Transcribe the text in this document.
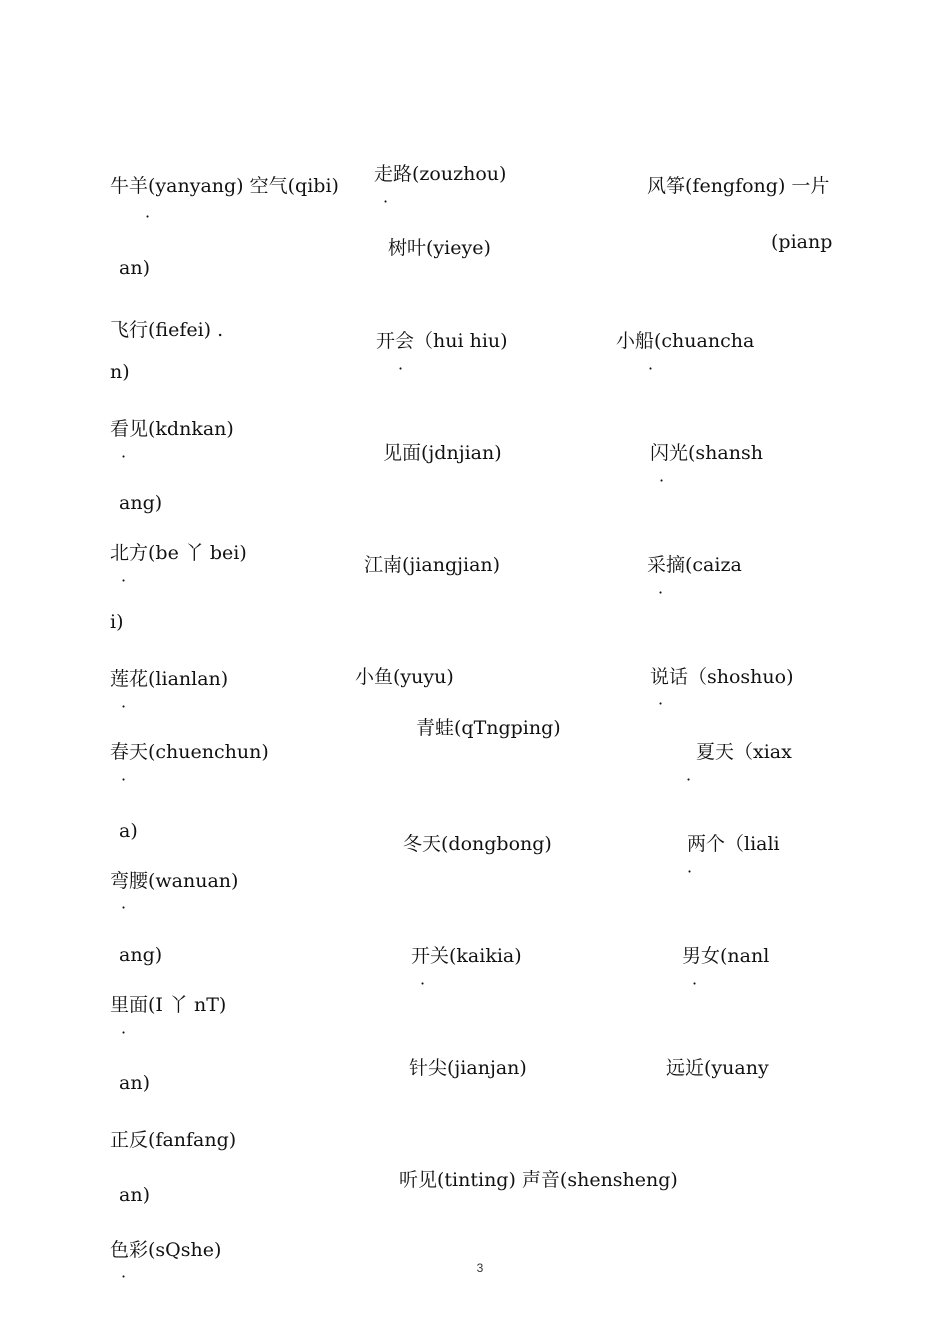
牛羊(yanyang) 空气(qibi)
·
an)
飞行(fiefei) .
n)
看见(kdnkan)
·
ang)
北方(be 丫 bei)
·
i)
莲花(lianlan)
·
春天(chuenchun)
·
a)
弯腰(wanuan)
·
ang)
里面(I 丫 nT)
·
an)
正反(fanfang)
an)
色彩(sQshe)
·
走路(zouzhou)
·
树叶(yieye)
开会（hui hiu)
·
见面(jdnjian)
江南(jiangjian)
小鱼(yuyu)
青蛙(qTngping)
冬天(dongbong)
开关(kaikia)
·
针尖(jianjan)
听见(tinting) 声音(shensheng)
风筝(fengfong) 一片
(pianp
小船(chuancha
·
闪光(shansh
·
采摘(caiza
·
说话（shoshuo)
·
夏天（xiax
·
两个（liali
·
男女(nanl
·
远近(yuany
3
